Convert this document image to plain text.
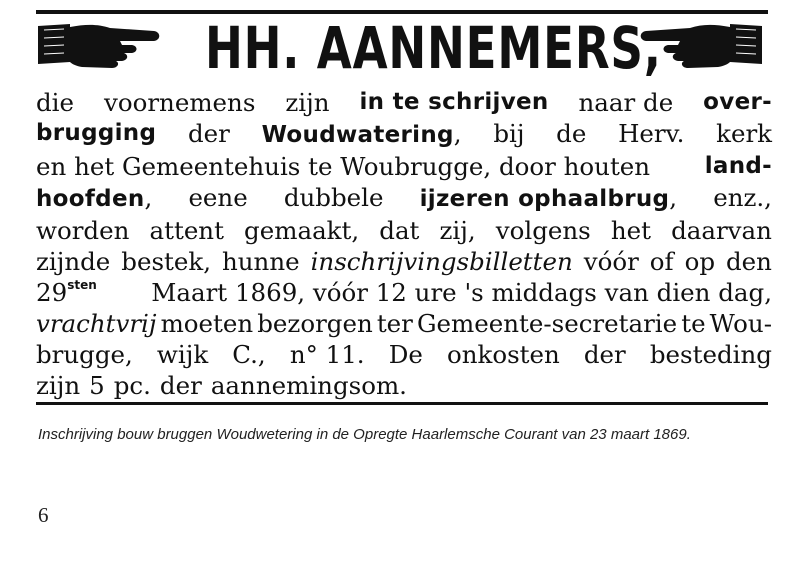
HH. AANNEMERS,
die voornemens zijn in te schrijven naar de over-
brugging der Woudwatering, bij de Herv. kerk
en het Gemeentehuis te Woubrugge, door houten land-
hoofden, eene dubbele ijzeren ophaalbrug, enz.,
worden attent gemaakt, dat zij, volgens het daarvan
zijnde bestek, hunne inschrijvingsbilletten vóór of op den
$29^{sten}$ Maart 1869, vóór 12 ure 's middags van dien dag,
vrachtvrij moeten bezorgen ter Gemeente-secretarie te Wou-
brugge, wijk C., n° 11. De onkosten der besteding
zijn 5 pc. der aannemingsom.
Inschrijving bouw bruggen Woudwetering in de Opregte Haarlemsche Courant van 23 maart 1869.
6
